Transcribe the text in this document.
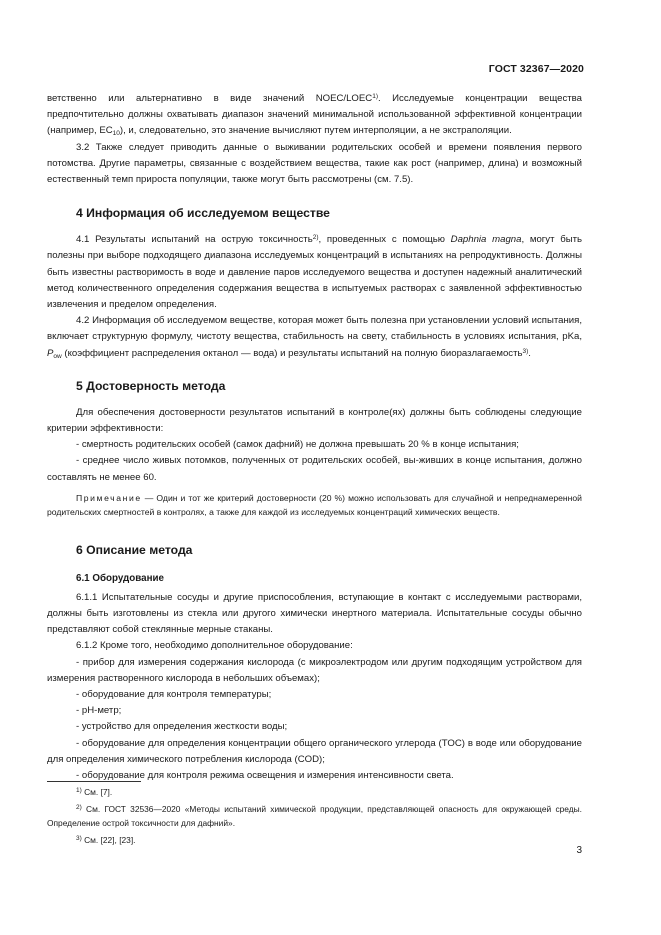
ГОСТ 32367—2020

ветственно или альтернативно в виде значений NOEC/LOEC$^{1)}$. Исследуемые концентрации вещества предпочтительно должны охватывать диапазон значений минимальной использованной эффективной концентрации (например, $EC_{10}$), и, следовательно, это значение вычисляют путем интерполяции, а не экстраполяции.

3.2 Также следует приводить данные о выживании родительских особей и времени появления первого потомства. Другие параметры, связанные с воздействием вещества, такие как рост (например, длина) и возможный естественный темп прироста популяции, также могут быть рассмотрены (см. 7.5).

4 Информация об исследуемом веществе

4.1 Результаты испытаний на острую токсичность$^{2)}$, проведенных с помощью Daphnia magna, могут быть полезны при выборе подходящего диапазона исследуемых концентраций в испытаниях на репродуктивность. Должны быть известны растворимость в воде и давление паров исследуемого вещества и доступен надежный аналитический метод количественного определения содержания вещества в испытуемых растворах с заявленной эффективностью извлечения и пределом определения.

4.2 Информация об исследуемом веществе, которая может быть полезна при установлении условий испытания, включает структурную формулу, чистоту вещества, стабильность на свету, стабильность в условиях испытания, pKa, $P_{ow}$ (коэффициент распределения октанол — вода) и результаты испытаний на полную биоразлагаемость$^{3)}$.

5 Достоверность метода

Для обеспечения достоверности результатов испытаний в контроле(ях) должны быть соблюдены следующие критерии эффективности:

- смертность родительских особей (самок дафний) не должна превышать 20 % в конце испытания;

- среднее число живых потомков, полученных от родительских особей, вы-живших в конце испытания, должно составлять не менее 60.

Примечание — Один и тот же критерий достоверности (20 %) можно использовать для случайной и непреднамеренной родительских смертностей в контролях, а также для каждой из исследуемых концентраций химических веществ.

6 Описание метода
6.1 Оборудование

6.1.1 Испытательные сосуды и другие приспособления, вступающие в контакт с исследуемыми растворами, должны быть изготовлены из стекла или другого химически инертного материала. Испытательные сосуды обычно представляют собой стеклянные мерные стаканы.

6.1.2 Кроме того, необходимо дополнительное оборудование:

- прибор для измерения содержания кислорода (с микроэлектродом или другим подходящим устройством для измерения растворенного кислорода в небольших объемах);

- оборудование для контроля температуры;

- pH-метр;

- устройство для определения жесткости воды;

- оборудование для определения концентрации общего органического углерода (TOC) в воде или оборудование для определения химического потребления кислорода (COD);

- оборудование для контроля режима освещения и измерения интенсивности света.

$^{1)}$ См. [7].

$^{2)}$ См. ГОСТ 32536—2020 «Методы испытаний химической продукции, представляющей опасность для окружающей среды. Определение острой токсичности для дафний».

$^{3)}$ См. [22], [23].

3
